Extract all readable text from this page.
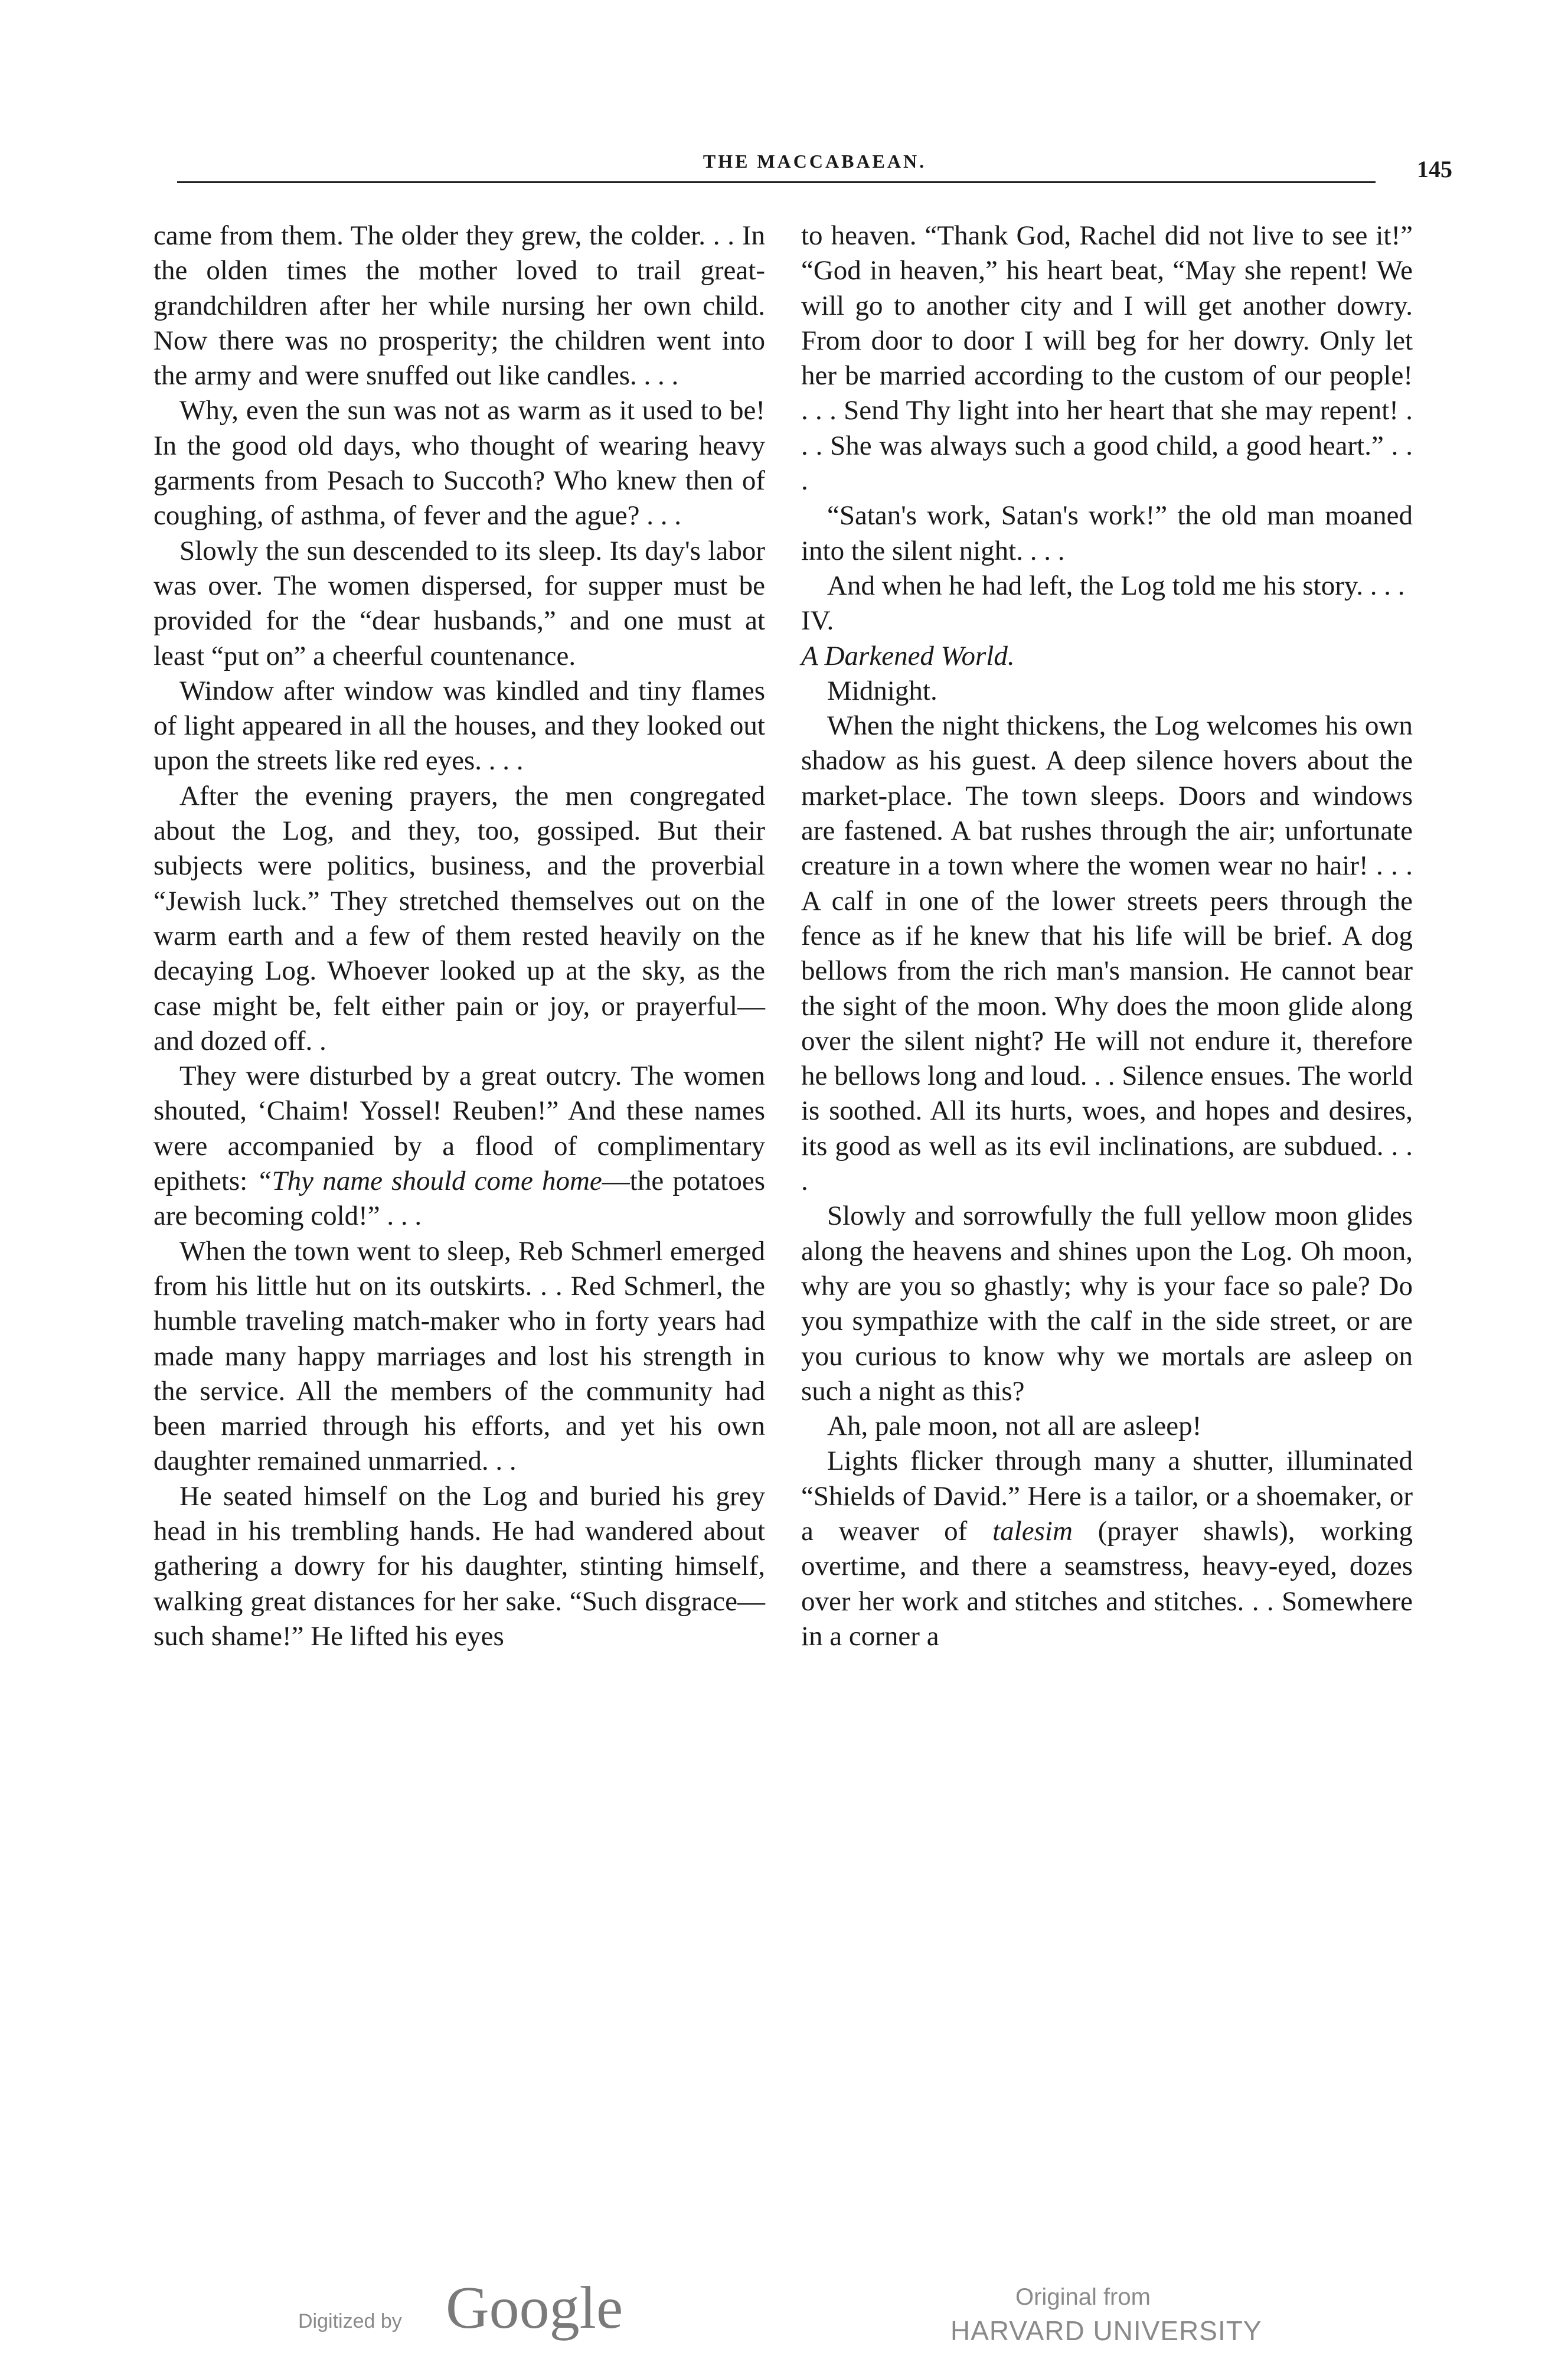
THE MACCABAEAN.	145

came from them. The older they grew, the colder. . . In the olden times the mother loved to trail great-grandchildren after her while nursing her own child. Now there was no prosperity; the children went into the army and were snuffed out like candles. . . .

Why, even the sun was not as warm as it used to be! In the good old days, who thought of wearing heavy garments from Pesach to Succoth? Who knew then of coughing, of asthma, of fever and the ague? . . .

Slowly the sun descended to its sleep. Its day's labor was over. The women dispersed, for supper must be provided for the “dear husbands,” and one must at least “put on” a cheerful countenance.

Window after window was kindled and tiny flames of light appeared in all the houses, and they looked out upon the streets like red eyes. . . .

After the evening prayers, the men congregated about the Log, and they, too, gossiped. But their subjects were politics, business, and the proverbial “Jewish luck.” They stretched themselves out on the warm earth and a few of them rested heavily on the decaying Log. Whoever looked up at the sky, as the case might be, felt either pain or joy, or prayerful—and dozed off. .

They were disturbed by a great outcry. The women shouted, ‘Chaim! Yossel! Reuben!” And these names were accompanied by a flood of complimentary epithets: “Thy name should come home—the potatoes are becoming cold!” . . .

When the town went to sleep, Reb Schmerl emerged from his little hut on its outskirts. . . Red Schmerl, the humble traveling match-maker who in forty years had made many happy marriages and lost his strength in the service. All the members of the community had been married through his efforts, and yet his own daughter remained unmarried. . .

He seated himself on the Log and buried his grey head in his trembling hands. He had wandered about gathering a dowry for his daughter, stinting himself, walking great distances for her sake. “Such disgrace—such shame!” He lifted his eyes

to heaven. “Thank God, Rachel did not live to see it!” “God in heaven,” his heart beat, “May she repent! We will go to another city and I will get another dowry. From door to door I will beg for her dowry. Only let her be married according to the custom of our people! . . . Send Thy light into her heart that she may repent! . . . She was always such a good child, a good heart.” . . .

“Satan's work, Satan's work!” the old man moaned into the silent night. . . .

And when he had left, the Log told me his story. . . .

IV.

A Darkened World.

Midnight.

When the night thickens, the Log welcomes his own shadow as his guest. A deep silence hovers about the market-place. The town sleeps. Doors and windows are fastened. A bat rushes through the air; unfortunate creature in a town where the women wear no hair! . . . A calf in one of the lower streets peers through the fence as if he knew that his life will be brief. A dog bellows from the rich man's mansion. He cannot bear the sight of the moon. Why does the moon glide along over the silent night? He will not endure it, therefore he bellows long and loud. . . Silence ensues. The world is soothed. All its hurts, woes, and hopes and desires, its good as well as its evil inclinations, are subdued. . . .

Slowly and sorrowfully the full yellow moon glides along the heavens and shines upon the Log. Oh moon, why are you so ghastly; why is your face so pale? Do you sympathize with the calf in the side street, or are you curious to know why we mortals are asleep on such a night as this?

Ah, pale moon, not all are asleep!

Lights flicker through many a shutter, illuminated “Shields of David.” Here is a tailor, or a shoemaker, or a weaver of talesim (prayer shawls), working overtime, and there a seamstress, heavy-eyed, dozes over her work and stitches and stitches. . . Somewhere in a corner a

Digitized by Google	Original from
HARVARD UNIVERSITY
